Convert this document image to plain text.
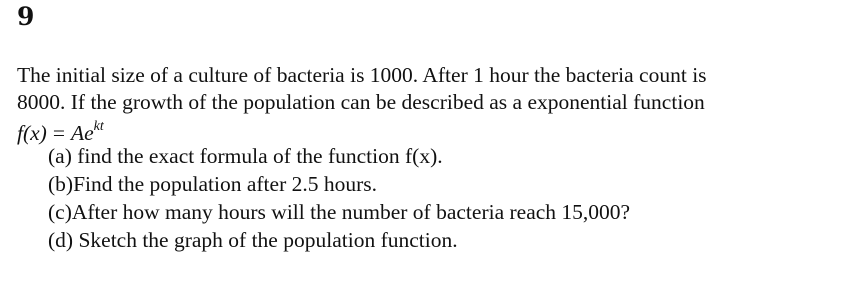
9
The initial size of a culture of bacteria is 1000. After 1 hour the bacteria count is
8000. If the growth of the population can be described as a exponential function
$f(x) = Ae^{kt}$
(a) find the exact formula of the function f(x).
(b)Find the population after 2.5 hours.
(c)After how many hours will the number of bacteria reach 15,000?
(d) Sketch the graph of the population function.
